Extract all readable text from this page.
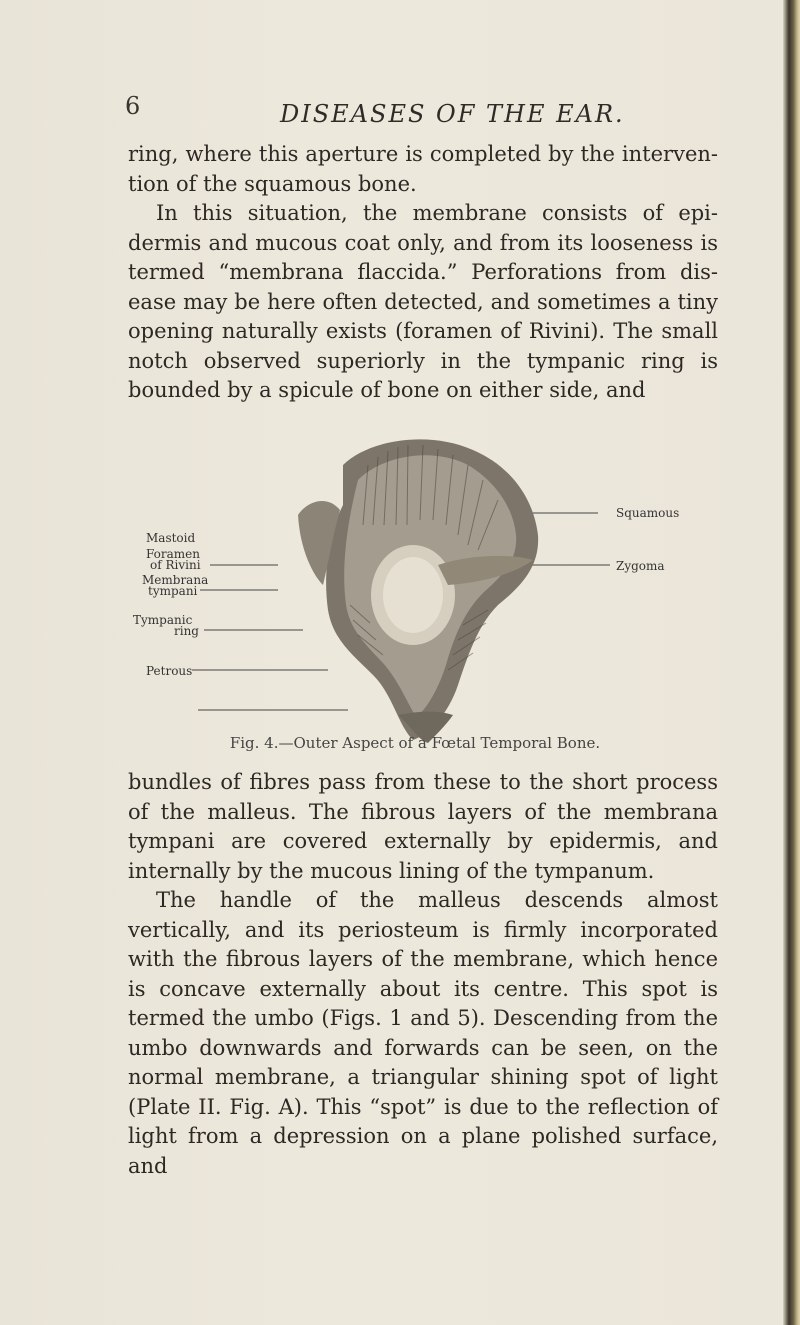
6	DISEASES OF THE EAR.

ring, where this aperture is completed by the interven- tion of the squamous bone.

In this situation, the membrane consists of epi- dermis and mucous coat only, and from its looseness is termed “membrana flaccida.” Perforations from dis- ease may be here often detected, and sometimes a tiny opening naturally exists (foramen of Rivini). The small notch observed superiorly in the tympanic ring is bounded by a spicule of bone on either side, and

Mastoid
Foramen
of Rivini
Membrana
tympani
Tympanic
ring
Petrous
Squamous
Zygoma
Fig. 4.—Outer Aspect of a Fœtal Temporal Bone.

bundles of fibres pass from these to the short process of the malleus. The fibrous layers of the membrana tympani are covered externally by epidermis, and internally by the mucous lining of the tympanum.

The handle of the malleus descends almost vertically, and its periosteum is firmly incorporated with the fibrous layers of the membrane, which hence is concave externally about its centre. This spot is termed the umbo (Figs. 1 and 5). Descending from the umbo downwards and forwards can be seen, on the normal membrane, a triangular shining spot of light (Plate II. Fig. A). This “spot” is due to the reflection of light from a depression on a plane polished surface, and
